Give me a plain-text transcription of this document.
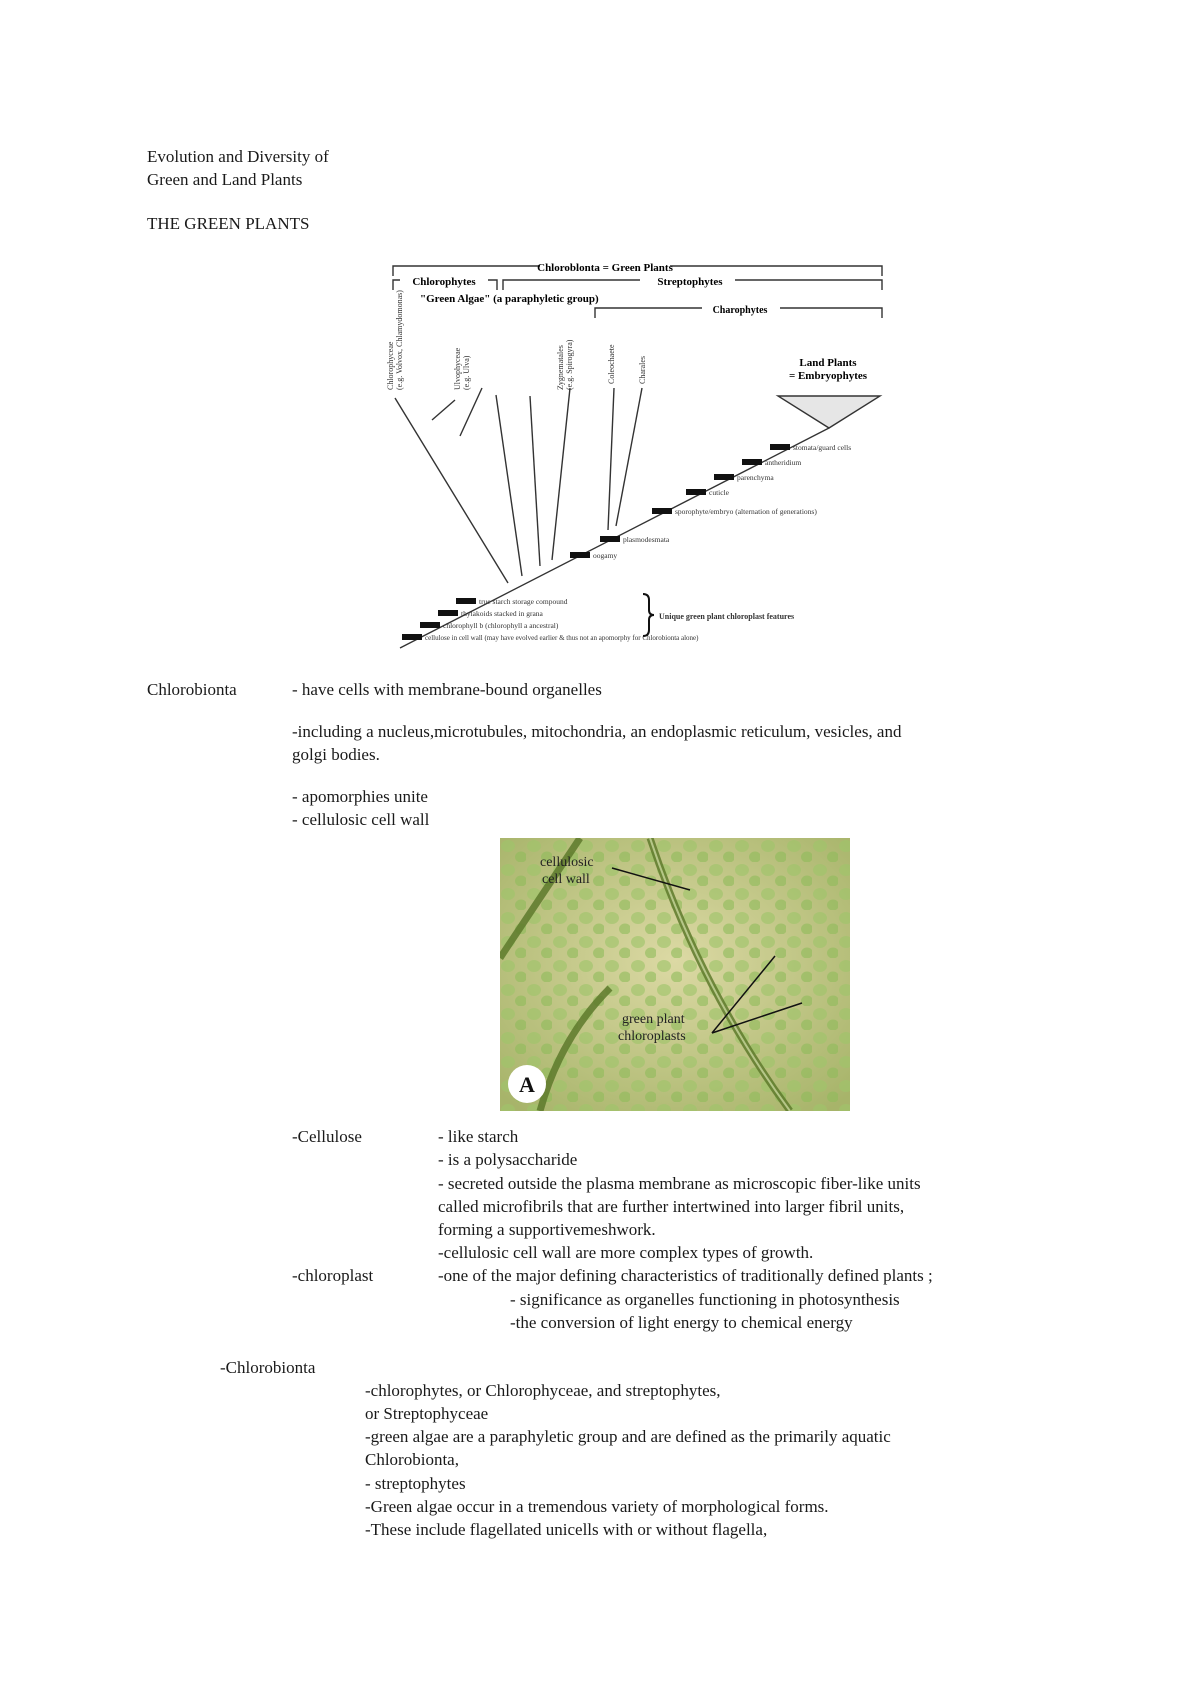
Evolution and Diversity of
Green and Land Plants
THE GREEN PLANTS
Chloroblonta = Green Plants
Chlorophytes	Streptophytes
"Green Algae" (a paraphyletic group)
Charophytes
Land Plants
= Embryophytes
Chlorophyceae (e.g. Volvox, Chlamydomonas)	Ulvophyceae (e.g. Ulva)	Zygnematales (e.g. Spirogyra)	Coleochaete	Charales
stomata/guard cells
antheridium
parenchyma
cuticle
sporophyte/embryo (alternation of generations)
plasmodesmata
oogamy
true starch storage compound
thylakoids stacked in grana
chlorophyll b (chlorophyll a ancestral)
cellulose in cell wall (may have evolved earlier & thus not an apomorphy for Chlorobionta alone)
Unique green plant chloroplast features
Chlorobionta	- have cells with membrane-bound organelles
-including a nucleus,microtubules, mitochondria, an endoplasmic reticulum, vesicles, and
golgi bodies.
- apomorphies unite
- cellulosic cell wall
cellulosic
cell wall
green plant
chloroplasts
A
-Cellulose	- like starch
- is a polysaccharide
- secreted outside the plasma membrane as microscopic fiber-like units
called microfibrils that are further intertwined into larger fibril units,
forming a supportivemeshwork.
-cellulosic cell wall are more complex types of growth.
-chloroplast	-one of the major defining characteristics of traditionally defined plants ;
- significance as organelles functioning in photosynthesis
-the conversion of light energy to chemical energy
-Chlorobionta
-chlorophytes, or Chlorophyceae, and streptophytes,
or Streptophyceae
-green algae are a paraphyletic group and are defined as the primarily aquatic
Chlorobionta,
- streptophytes
-Green algae occur in a tremendous variety of morphological forms.
-These include flagellated unicells with or without flagella,
